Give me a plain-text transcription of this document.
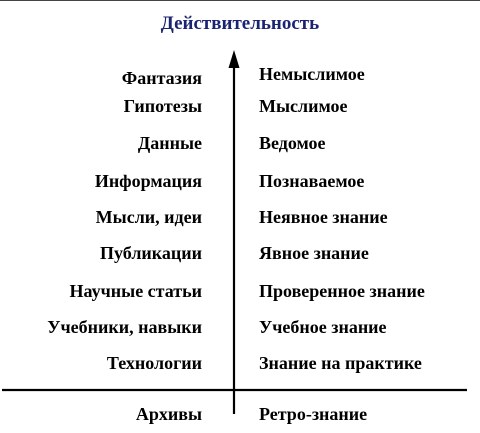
Действительность
Фантазия
Гипотезы
Данные
Информация
Мысли, идеи
Публикации
Научные статьи
Учебники, навыки
Технологии
Архивы
Немыслимое
Мыслимое
Ведомое
Познаваемое
Неявное знание
Явное знание
Проверенное знание
Учебное знание
Знание на практике
Ретро-знание
